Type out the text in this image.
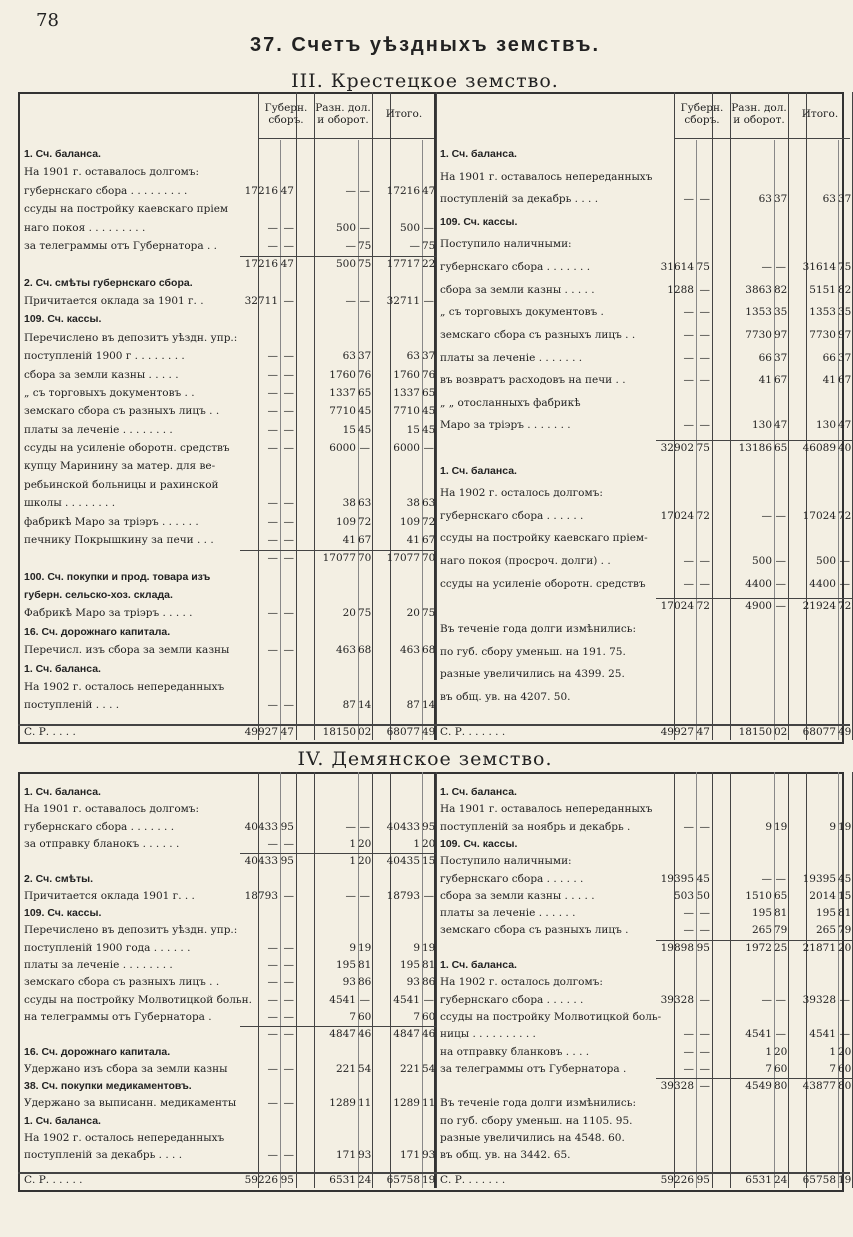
78
37. Счетъ уѣздныхъ земствъ.
III. Крестецкое земство.
IV. Демянское земство.
Губерн. сборъ.
Разн. дол. и оборот.	Итого.
1. Сч. баланса.
На 1901 г. оставалось долгомъ:
губернскаго сбора . . . . . . . . .	17216 47	— —	17216 47
ссуды на постройку каевскаго пріем
наго покоя . . . . . . . . .	— —	500 —	500 —
за телеграммы отъ Губернатора . .	— —	— 75	— 75
17216 47	500 75	17717 22
2. Сч. смѣты губернскаго сбора.
Причитается оклада за 1901 г. .	32711 —	— —	32711 —
109. Сч. кассы.
Перечислено въ депозитъ уѣздн. упр.:
поступленій 1900 г . . . . . . . .	— —	63 37	63 37
сбора за земли казны . . . . .	— —	1760 76	1760 76
„ съ торговыхъ документовъ . .	— —	1337 65	1337 65
земскаго сбора съ разныхъ лицъ . .	— —	7710 45	7710 45
платы за леченіе . . . . . . . .	— —	15 45	15 45
ссуды на усиленіе оборотн. средствъ	— —	6000 —	6000 —
купцу Маринину за матер. для ве-
ребьинской больницы и рахинской
школы . . . . . . . .	— —	38 63	38 63
фабрикѣ Маро за тріэръ . . . . . .	— —	109 72	109 72
печнику Покрышкину за печи . . .	— —	41 67	41 67
— —	17077 70	17077 70
100. Сч. покупки и прод. товара изъ
губерн. сельско-хоз. склада.
Фабрикѣ Маро за тріэръ . . . . .	— —	20 75	20 75
16. Сч. дорожнаго капитала.
Перечисл. изъ сбора за земли казны	— —	463 68	463 68
1. Сч. баланса.
На 1902 г. осталось непереданныхъ
поступленій . . . .	— —	87 14	87 14
С. Р. . . . .	49927 47	18150 02	68077 49
Губерн. сборъ.
Разн. дол. и оборот.	Итого.
1. Сч. баланса.
На 1901 г. оставалось непереданныхъ
поступленій за декабрь . . . .	— —	63 37	63 37
109. Сч. кассы.
Поступило наличными:
губернскаго сбора . . . . . . .	31614 75	— —	31614 75
сбора за земли казны . . . . .	1288 —	3863 82	5151 82
„ съ торговыхъ документовъ .	— —	1353 35	1353 35
земскаго сбора съ разныхъ лицъ . .	— —	7730 97	7730 97
платы за леченіе . . . . . . .	— —	66 37	66 37
въ возвратъ расходовъ на печи . .	— —	41 67	41 67
„ „ отосланныхъ фабрикѣ
Маро за тріэръ . . . . . . .	— —	130 47	130 47
32902 75	13186 65	46089 40
1. Сч. баланса.
На 1902 г. осталось долгомъ:
губернскаго сбора . . . . . .	17024 72	— —	17024 72
ссуды на постройку каевскаго пріем-
наго покоя (просроч. долги) . .	— —	500 —	500 —
ссуды на усиленіе оборотн. средствъ	— —	4400 —	4400 —
17024 72	4900 —	21924 72
Въ теченіе года долги измѣнились:
по губ. сбору уменьш. на 191. 75.
разные увеличились на 4399. 25.
въ общ. ув. на 4207. 50.
С. Р. . . . . . .	49927 47	18150 02	68077 49
1. Сч. баланса.
На 1901 г. оставалось долгомъ:
губернскаго сбора . . . . . . .	40433 95	— —	40433 95
за отправку бланокъ . . . . . .	— —	1 20	1 20
40433 95	1 20	40435 15
2. Сч. смѣты.
Причитается оклада 1901 г. . .	18793 —	— —	18793 —
109. Сч. кассы.
Перечислено въ депозитъ уѣздн. упр.:
поступленій 1900 года . . . . . .	— —	9 19	9 19
платы за леченіе . . . . . . . .	— —	195 81	195 81
земскаго сбора съ разныхъ лицъ . .	— —	93 86	93 86
ссуды на постройку Молвотицкой больн.	— —	4541 —	4541 —
на телеграммы отъ Губернатора .	— —	7 60	7 60
— —	4847 46	4847 46
16. Сч. дорожнаго капитала.
Удержано изъ сбора за земли казны	— —	221 54	221 54
38. Сч. покупки медикаментовъ.
Удержано за выписанн. медикаменты	— —	1289 11	1289 11
1. Сч. баланса.
На 1902 г. осталось непереданныхъ
поступленій за декабрь . . . .	— —	171 93	171 93
С. Р. . . . . .	59226 95	6531 24	65758 19
1. Сч. баланса.
На 1901 г. оставалось непереданныхъ
поступленій за ноябрь и декабрь .	— —	9 19	9 19
109. Сч. кассы.
Поступило наличными:
губернскаго сбора . . . . . .	19395 45	— —	19395 45
сбора за земли казны . . . . .	503 50	1510 65	2014 15
платы за леченіе . . . . . .	— —	195 81	195 81
земскаго сбора съ разныхъ лицъ .	— —	265 79	265 79
19898 95	1972 25	21871 20
1. Сч. баланса.
На 1902 г. осталось долгомъ:
губернскаго сбора . . . . . .	39328 —	— —	39328 —
ссуды на постройку Молвотицкой боль-
ницы . . . . . . . . . .	— —	4541 —	4541 —
на отправку бланковъ . . . .	— —	1 20	1 20
за телеграммы отъ Губернатора .	— —	7 60	7 60
39328 —	4549 80	43877 80
Въ теченіе года долги измѣнились:
по губ. сбору уменьш. на 1105. 95.
разные увеличились на 4548. 60.
въ общ. ув. на 3442. 65.
С. Р. . . . . . .	59226 95	6531 24	65758 19
